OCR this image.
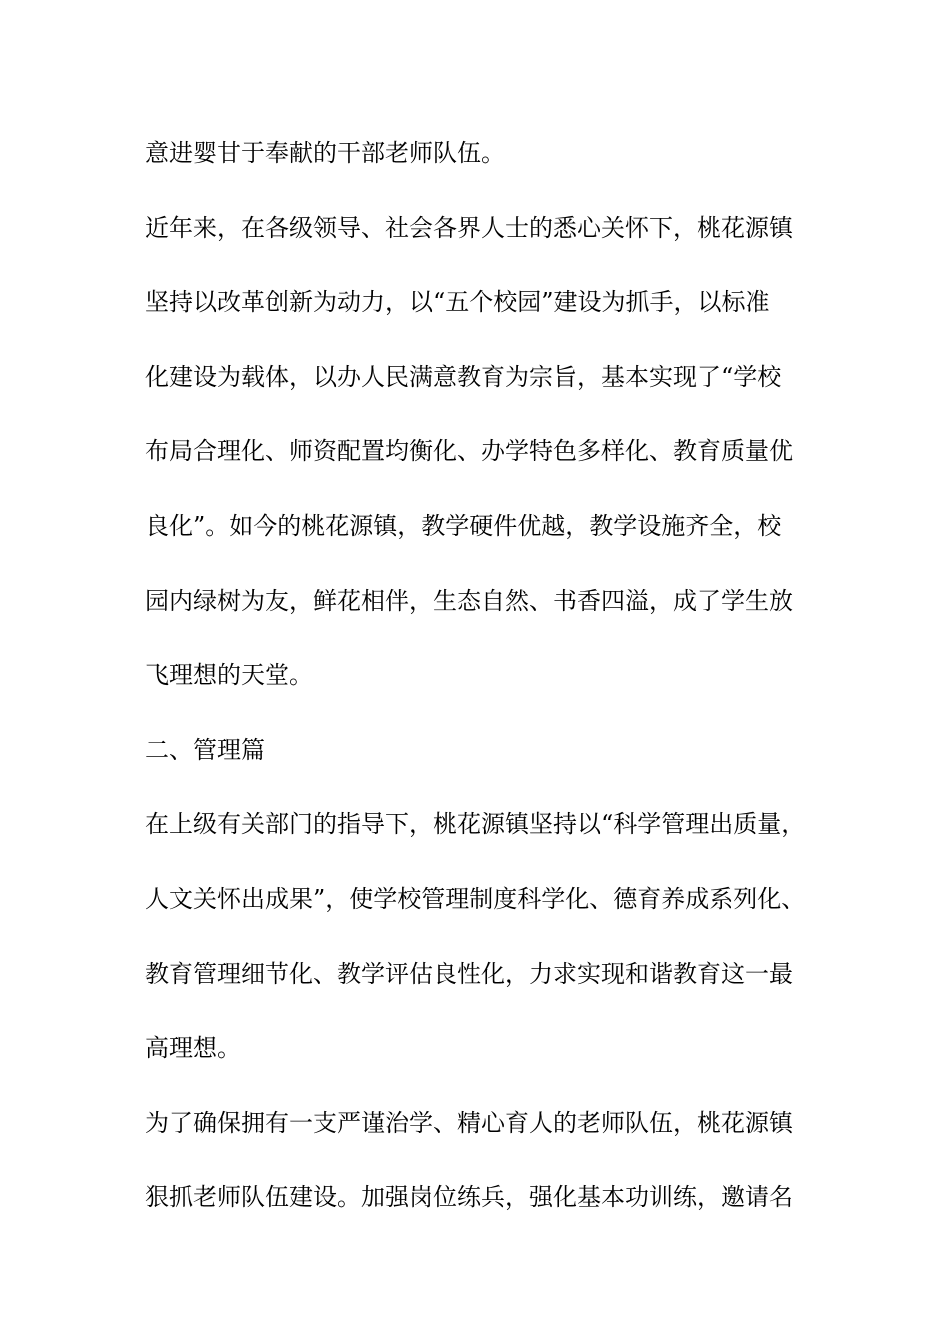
意进婴甘于奉献的干部老师队伍。
近年来，在各级领导、社会各界人士的悉心关怀下，桃花源镇
坚持以改革创新为动力，以“五个校园”建设为抓手，以标准
化建设为载体，以办人民满意教育为宗旨，基本实现了“学校
布局合理化、师资配置均衡化、办学特色多样化、教育质量优
良化”。如今的桃花源镇，教学硬件优越，教学设施齐全，校
园内绿树为友，鲜花相伴，生态自然、书香四溢，成了学生放
飞理想的天堂。
二、管理篇
在上级有关部门的指导下，桃花源镇坚持以“科学管理出质量，
人文关怀出成果”，使学校管理制度科学化、德育养成系列化、
教育管理细节化、教学评估良性化，力求实现和谐教育这一最
高理想。
为了确保拥有一支严谨治学、精心育人的老师队伍，桃花源镇
狠抓老师队伍建设。加强岗位练兵，强化基本功训练，邀请名
